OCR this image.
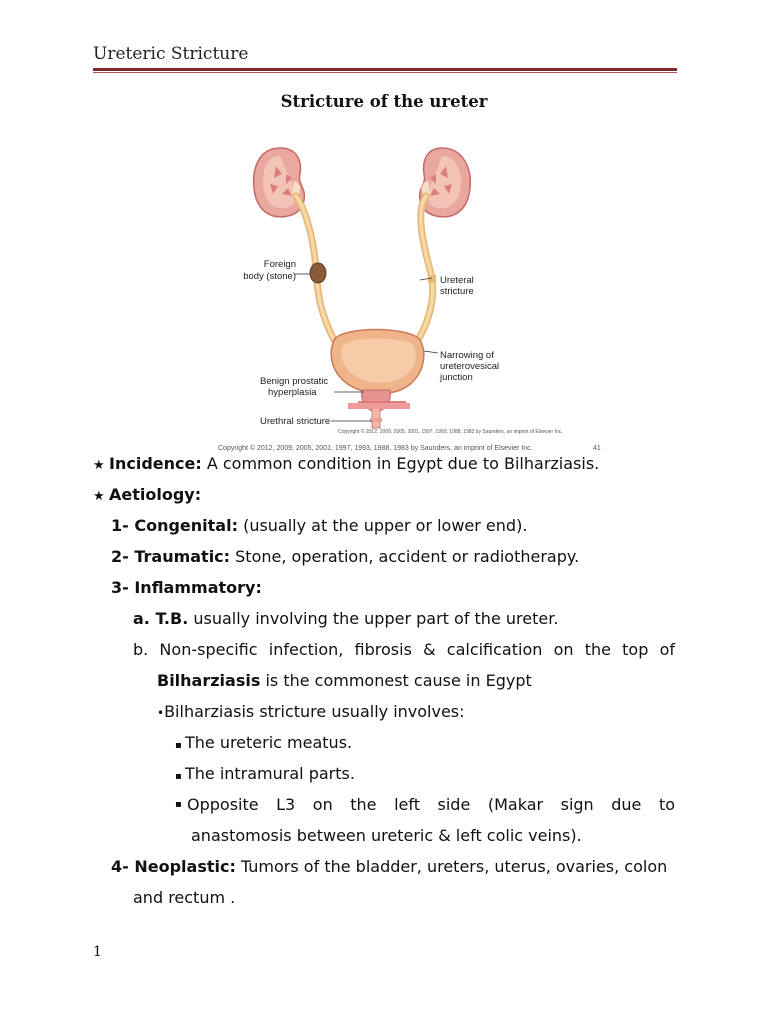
Ureteric Stricture
Stricture of the ureter
Foreign
body (stone)	Ureteral
stricture
Narrowing of
ureterovesical
junction
Benign prostatic
hyperplasia
Urethral stricture
Copyright © 2012, 2009, 2005, 2001, 1997, 1993, 1988, 1983 by Saunders, an imprint of Elsevier Inc.
Copyright © 2012, 2009, 2005, 2001, 1997, 1993, 1988, 1983 by Saunders, an imprint of Elsevier Inc.	41
★ Incidence: A common condition in Egypt due to Bilharziasis.
★ Aetiology:
1- Congenital: (usually at the upper or lower end).
2- Traumatic: Stone, operation, accident or radiotherapy.
3- Inflammatory:
a. T.B. usually involving the upper part of the ureter.
b. Non-specific infection, fibrosis & calcification on the top of
Bilharziasis is the commonest cause in Egypt
•Bilharziasis stricture usually involves:
▪ The ureteric meatus.
▪ The intramural parts.
▪ Opposite L3 on the left side (Makar sign due to
anastomosis between ureteric & left colic veins).
4- Neoplastic: Tumors of the bladder, ureters, uterus, ovaries, colon
and rectum .
1
